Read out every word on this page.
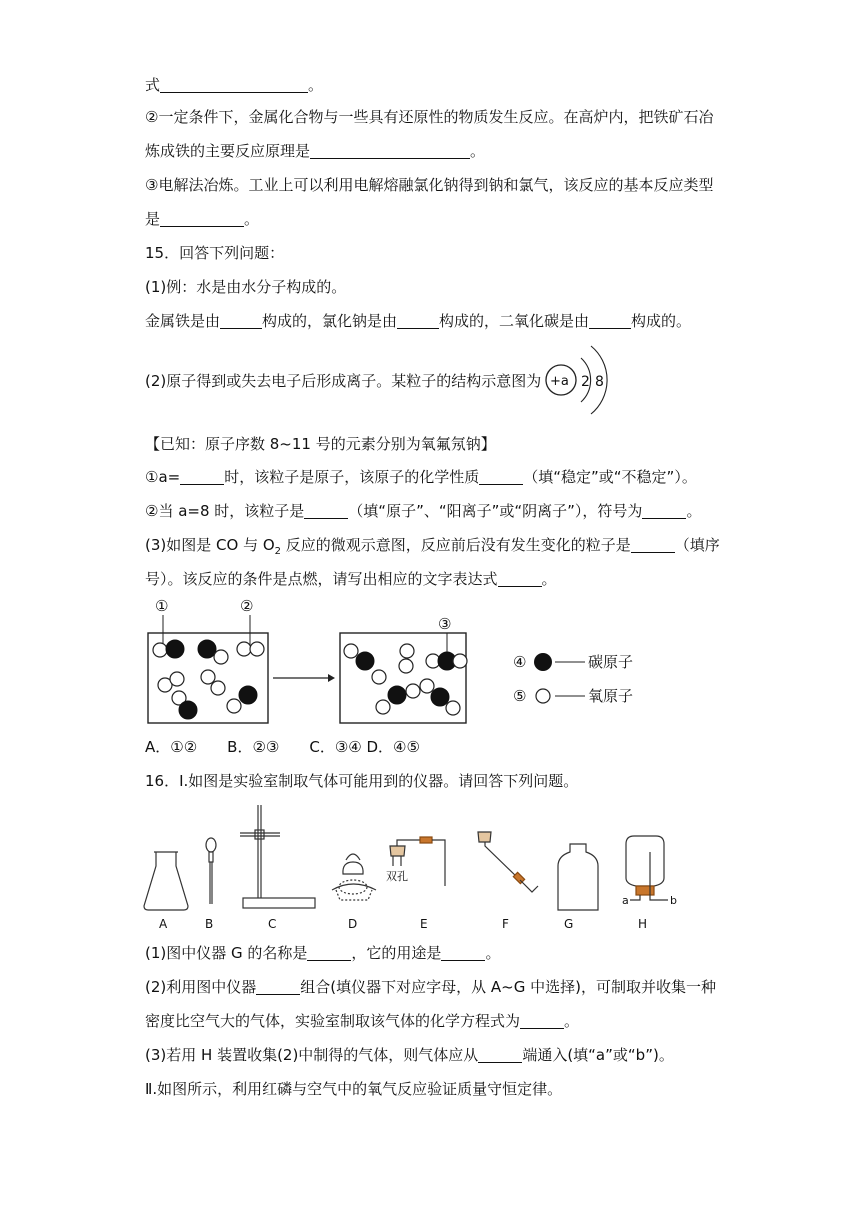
式	。
②一定条件下，金属化合物与一些具有还原性的物质发生反应。在高炉内，把铁矿石冶
炼成铁的主要反应原理是	。
③电解法冶炼。工业上可以利用电解熔融氯化钠得到钠和氯气，该反应的基本反应类型
是	。
15．回答下列问题：
(1)例：水是由水分子构成的。
金属铁是由	构成的，氯化钠是由	构成的，二氧化碳是由	构成的。
(2)原子得到或失去电子后形成离子。某粒子的结构示意图为 +a 2 8
【已知：原子序数 8~11 号的元素分别为氧氟氖钠】
①a=	时，该粒子是原子，该原子的化学性质	（填“稳定”或“不稳定”）。
②当 a=8 时，该粒子是	（填“原子”、“阳离子”或“阴离子”），符号为	。
(3)如图是 CO 与 $O_2$ 反应的微观示意图，反应前后没有发生变化的粒子是	（填序
号）。该反应的条件是点燃，请写出相应的文字表达式	。
①	②
③
④	碳原子
⑤	氧原子
A．①②　　B．②③　　C．③④ D．④⑤
16．Ⅰ.如图是实验室制取气体可能用到的仪器。请回答下列问题。
双孔
a	b
A	B	C	D	E	F	G	H
(1)图中仪器 G 的名称是	，它的用途是	。
(2)利用图中仪器	组合(填仪器下对应字母，从 A~G 中选择)，可制取并收集一种
密度比空气大的气体，实验室制取该气体的化学方程式为	。
(3)若用 H 装置收集(2)中制得的气体，则气体应从	端通入(填“a”或“b”)。
Ⅱ.如图所示，利用红磷与空气中的氧气反应验证质量守恒定律。
